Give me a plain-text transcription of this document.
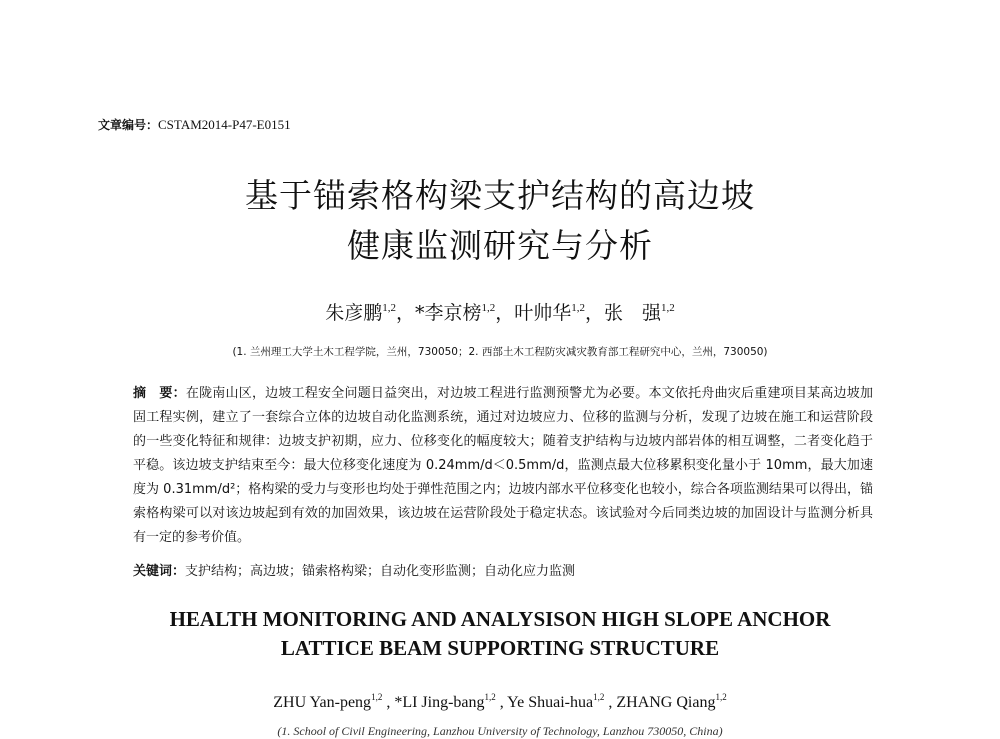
文章编号：CSTAM2014-P47-E0151
基于锚索格构梁支护结构的高边坡
健康监测研究与分析
朱彦鹏$^{1,2}$，*李京榜$^{1,2}$，叶帅华$^{1,2}$，张　强$^{1,2}$
(1. 兰州理工大学土木工程学院，兰州，730050；2. 西部土木工程防灾减灾教育部工程研究中心，兰州，730050)
摘　要：在陇南山区，边坡工程安全问题日益突出，对边坡工程进行监测预警尤为必要。本文依托舟曲灾后重建项目某高边坡加固工程实例，建立了一套综合立体的边坡自动化监测系统，通过对边坡应力、位移的监测与分析，发现了边坡在施工和运营阶段的一些变化特征和规律：边坡支护初期，应力、位移变化的幅度较大；随着支护结构与边坡内部岩体的相互调整，二者变化趋于平稳。该边坡支护结束至今：最大位移变化速度为 0.24mm/d＜0.5mm/d，监测点最大位移累积变化量小于 10mm，最大加速度为 0.31mm/d²；格构梁的受力与变形也均处于弹性范围之内；边坡内部水平位移变化也较小，综合各项监测结果可以得出，锚索格构梁可以对该边坡起到有效的加固效果，该边坡在运营阶段处于稳定状态。该试验对今后同类边坡的加固设计与监测分析具有一定的参考价值。
关键词：支护结构；高边坡；锚索格构梁；自动化变形监测；自动化应力监测
HEALTH MONITORING AND ANALYSISON HIGH SLOPE ANCHOR
LATTICE BEAM SUPPORTING STRUCTURE
ZHU Yan-peng$^{1,2}$ , *LI Jing-bang$^{1,2}$ , Ye Shuai-hua$^{1,2}$ , ZHANG Qiang$^{1,2}$
(1. School of Civil Engineering, Lanzhou University of Technology, Lanzhou 730050, China)
